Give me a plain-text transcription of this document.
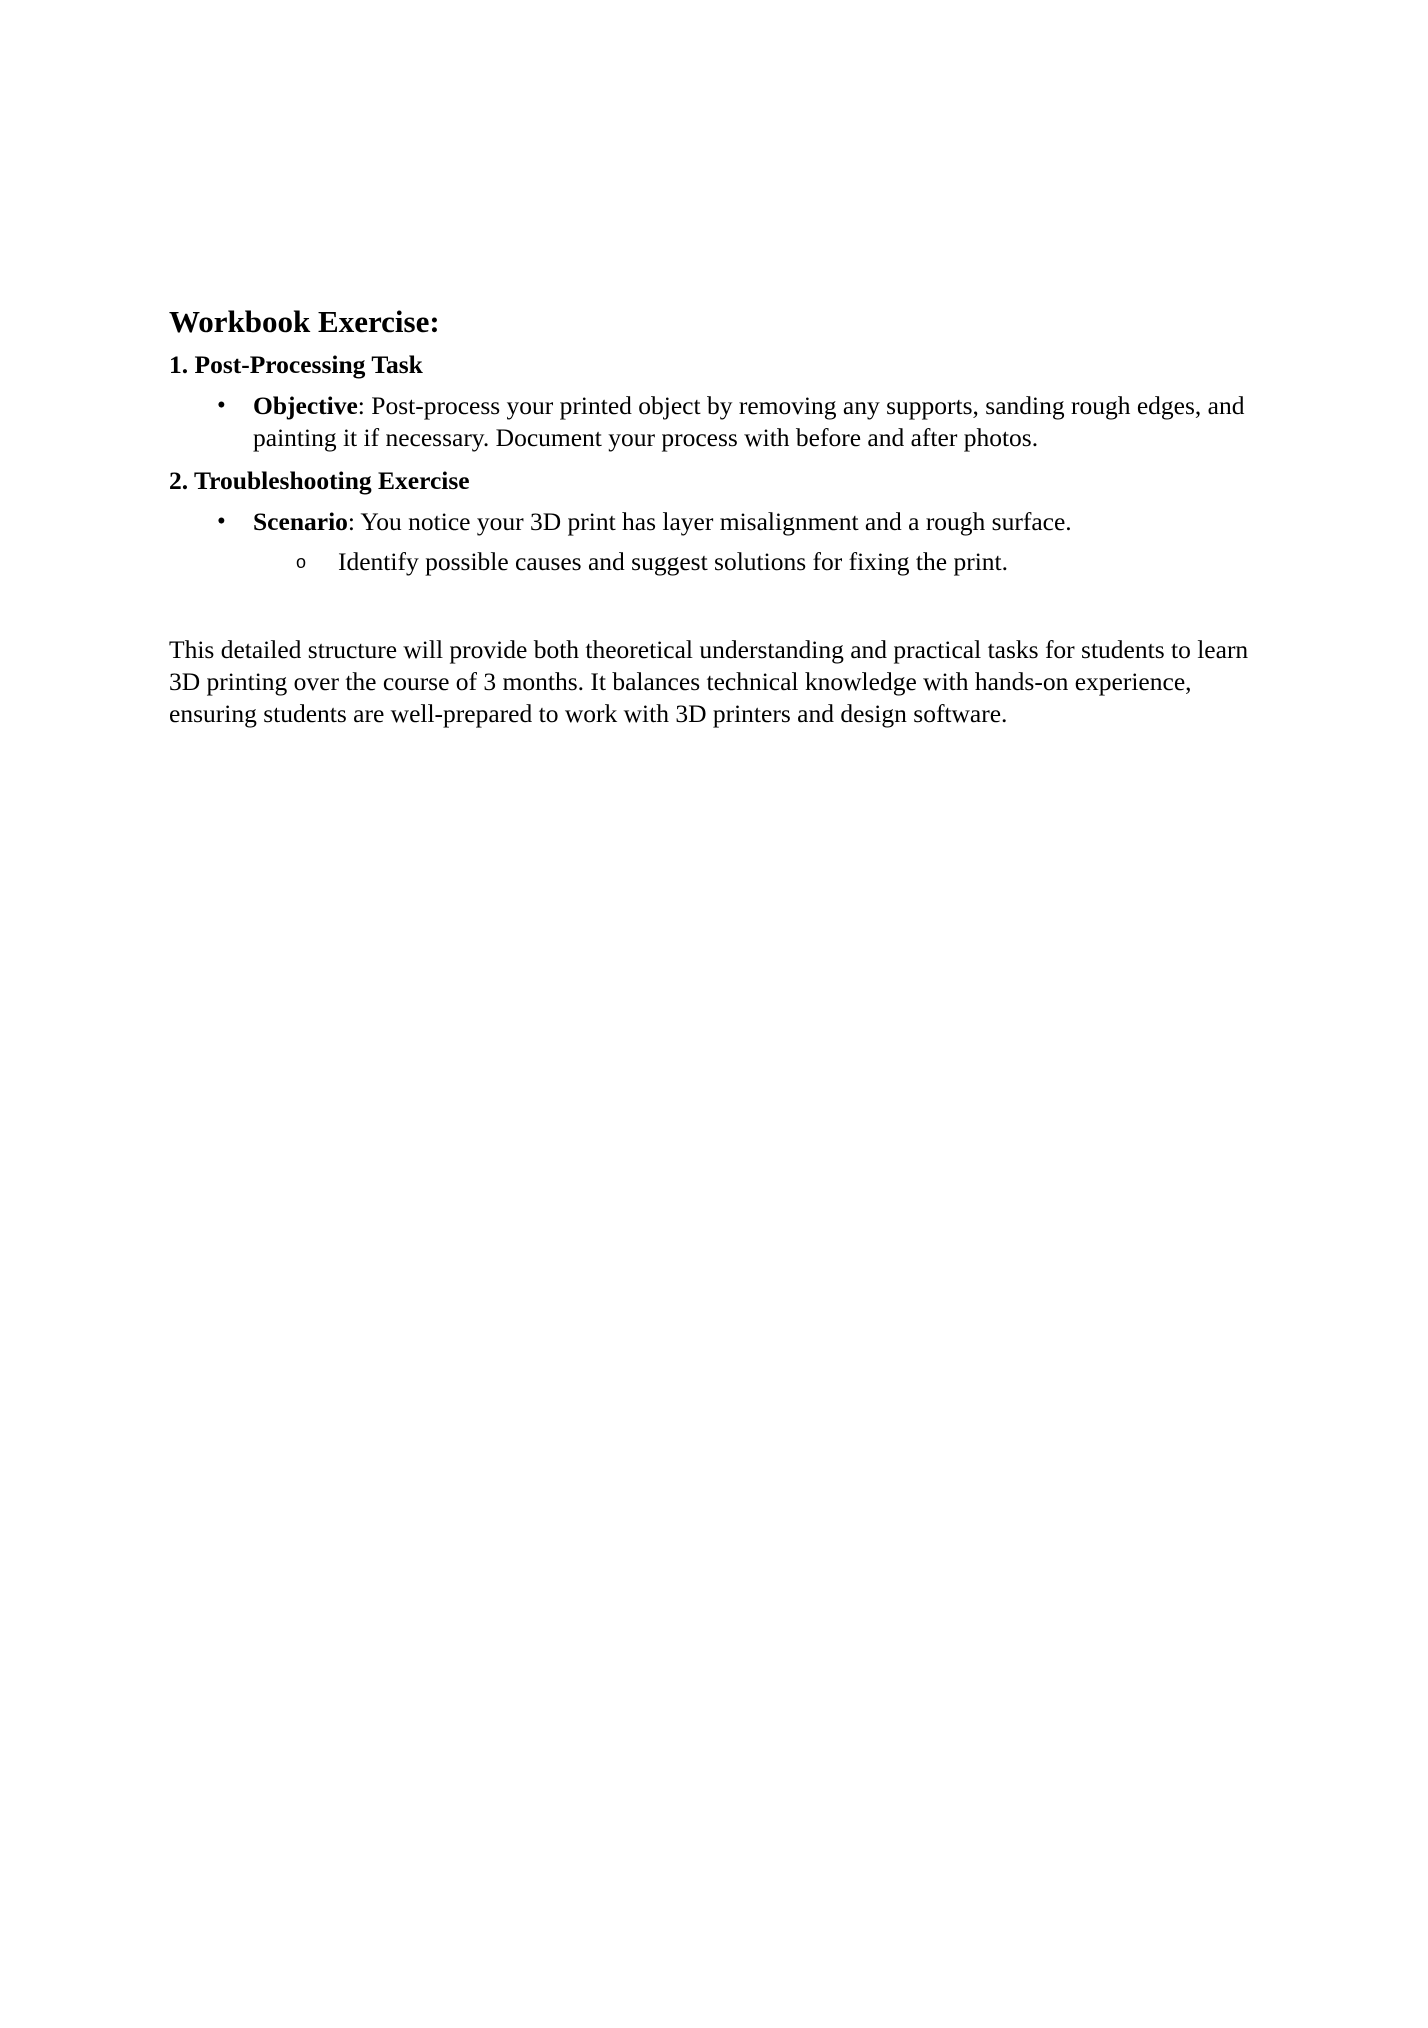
Workbook Exercise:
1. Post-Processing Task
• Objective: Post-process your printed object by removing any supports, sanding rough edges, and painting it if necessary. Document your process with before and after photos.
2. Troubleshooting Exercise
• Scenario: You notice your 3D print has layer misalignment and a rough surface.
o Identify possible causes and suggest solutions for fixing the print.

This detailed structure will provide both theoretical understanding and practical tasks for students to learn 3D printing over the course of 3 months. It balances technical knowledge with hands-on experience, ensuring students are well-prepared to work with 3D printers and design software.
